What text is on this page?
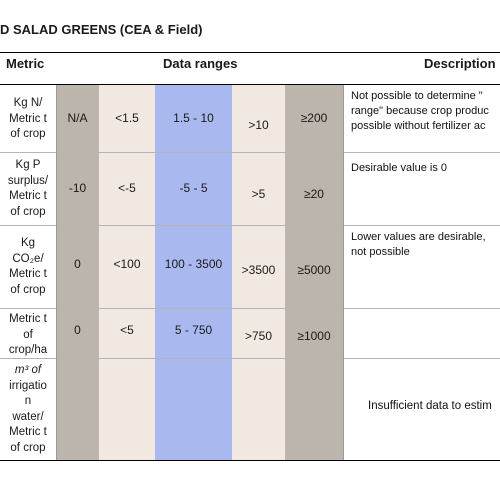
D SALAD GREENS (CEA & Field)
Metric	Data ranges	Description
Kg N/
Metric t
of crop
N/A	<1.5	1.5 - 10	>10	≥200
Not possible to determine "
range" because crop produc
possible without fertilizer ac
Kg P
surplus/
Metric t
of crop
-10	<-5	-5 - 5	>5	≥20
Desirable value is 0
Kg
CO₂e/
Metric t
of crop
0	<100	100 - 3500	>3500	≥5000
Lower values are desirable,
not possible
Metric t
of
crop/ha
0	<5	5 - 750	>750	≥1000
m³ of
irrigatio
n
water/
Metric t
of crop
Insufficient data to estim
